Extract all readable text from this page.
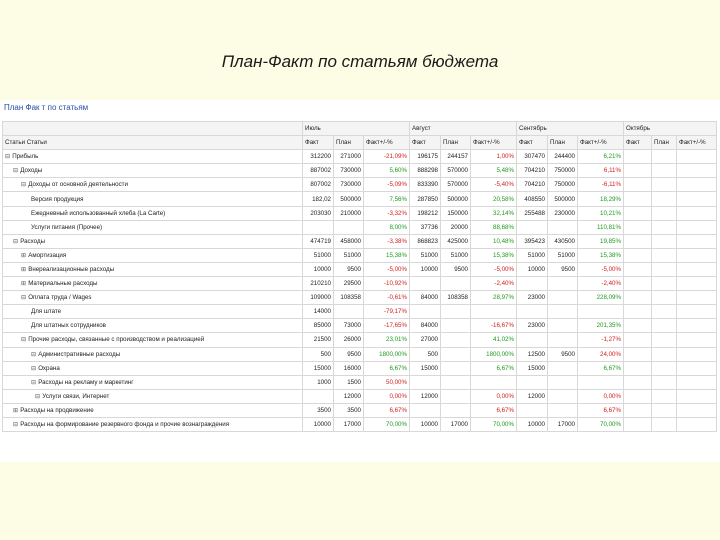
План-Факт по статьям бюджета
План Фак т по статьям
	Июль			Август			Сентябрь			Октябрь		
Статьи Статьи	Факт	План	Факт+/-%	Факт	План	Факт+/-%	Факт	План	Факт+/-%	Факт	План	Факт+/-%
⊟ Прибыль	312200	271000	-21,09%	196175	244157	1,00%	307470	244400	6,21%			
⊟ Доходы	887002	730000	5,60%	888298	570000	5,48%	704210	750000	6,11%			
⊟ Доходы от основной деятельности	807002	730000	-5,09%	833390	570000	-5,40%	704210	750000	-6,11%			
Версия продукция	182,02	500000	7,56%	287850	500000	20,58%	408550	500000	18,29%			
Ежедневный использованный хлеба (La Carte)	203030	210000	-3,32%	198212	150000	32,14%	255488	230000	10,21%			
Услуги питания (Прочее)			8,00%	37736	20000	88,68%			110,81%			
⊟ Расходы	474719	458000	-3,38%	868823	425000	10,48%	395423	430500	19,85%			
⊞ Амортизация	51000	51000	15,38%	51000	51000	15,38%	51000	51000	15,38%			
⊞ Внереализационные расходы	10000	9500	-5,00%	10000	9500	-5,00%	10000	9500	-5,00%			
⊞ Материальные расходы	210210	29500	-10,92%			-2,40%			-2,40%			
⊟ Оплата труда / Wages	109000	108358	-0,61%	84000	108358	28,97%	23000		228,09%			
Для штате	14000		-79,17%									
Для штатных сотрудников	85000	73000	-17,65%	84000		-16,67%	23000		201,35%			
⊟ Прочие расходы, связанные с производством и реализацией	21500	26000	23,01%	27000		41,02%			-1,27%			
⊟ Административные расходы	500	9500	1800,00%	500		1800,00%	12500	9500	24,00%			
⊟ Охрана	15000	16000	6,67%	15000		6,67%	15000		6,67%			
⊟ Расходы на рекламу и маркетинг	1000	1500	50,00%									
⊟ Услуги связи, Интернет		12000	0,00%	12000		0,00%	12000		0,00%			
⊞ Расходы на продвижение	3500	3500	6,67%			6,67%			6,67%			
⊟ Расходы на формирование резервного фонда и прочие вознаграждения	10000	17000	70,00%	10000	17000	70,00%	10000	17000	70,00%			
